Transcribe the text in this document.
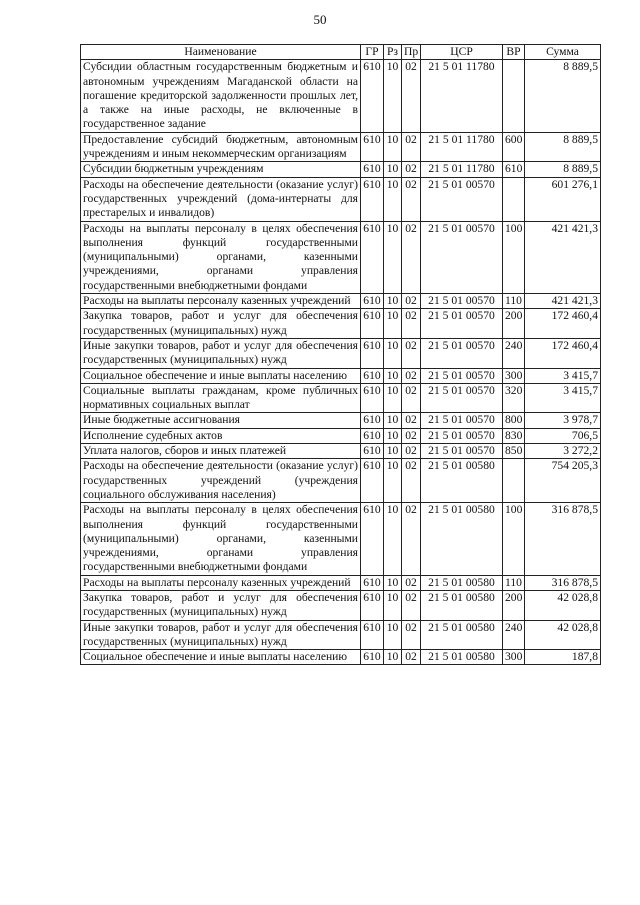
50
Наименование	ГР	Рз	Пр	ЦСР	ВР	Сумма
Субсидии областным государственным бюджетным и автономным учреждениям Магаданской области на погашение кредиторской задолженности прошлых лет, а также на иные расходы, не включенные в государственное задание	610	10	02	21 5 01 11780		8 889,5
Предоставление субсидий бюджетным, автономным учреждениям и иным некоммерческим организациям	610	10	02	21 5 01 11780	600	8 889,5
Субсидии бюджетным учреждениям	610	10	02	21 5 01 11780	610	8 889,5
Расходы на обеспечение деятельности (оказание услуг) государственных учреждений (дома-интернаты для престарелых и инвалидов)	610	10	02	21 5 01 00570		601 276,1
Расходы на выплаты персоналу в целях обеспечения выполнения функций государственными (муниципальными) органами, казенными учреждениями, органами управления государственными внебюджетными фондами	610	10	02	21 5 01 00570	100	421 421,3
Расходы на выплаты персоналу казенных учреждений	610	10	02	21 5 01 00570	110	421 421,3
Закупка товаров, работ и услуг для обеспечения государственных (муниципальных) нужд	610	10	02	21 5 01 00570	200	172 460,4
Иные закупки товаров, работ и услуг для обеспечения государственных (муниципальных) нужд	610	10	02	21 5 01 00570	240	172 460,4
Социальное обеспечение и иные выплаты населению	610	10	02	21 5 01 00570	300	3 415,7
Социальные выплаты гражданам, кроме публичных нормативных социальных выплат	610	10	02	21 5 01 00570	320	3 415,7
Иные бюджетные ассигнования	610	10	02	21 5 01 00570	800	3 978,7
Исполнение судебных актов	610	10	02	21 5 01 00570	830	706,5
Уплата налогов, сборов и иных платежей	610	10	02	21 5 01 00570	850	3 272,2
Расходы на обеспечение деятельности (оказание услуг) государственных учреждений (учреждения социального обслуживания населения)	610	10	02	21 5 01 00580		754 205,3
Расходы на выплаты персоналу в целях обеспечения выполнения функций государственными (муниципальными) органами, казенными учреждениями, органами управления государственными внебюджетными фондами	610	10	02	21 5 01 00580	100	316 878,5
Расходы на выплаты персоналу казенных учреждений	610	10	02	21 5 01 00580	110	316 878,5
Закупка товаров, работ и услуг для обеспечения государственных (муниципальных) нужд	610	10	02	21 5 01 00580	200	42 028,8
Иные закупки товаров, работ и услуг для обеспечения государственных (муниципальных) нужд	610	10	02	21 5 01 00580	240	42 028,8
Социальное обеспечение и иные выплаты населению	610	10	02	21 5 01 00580	300	187,8
